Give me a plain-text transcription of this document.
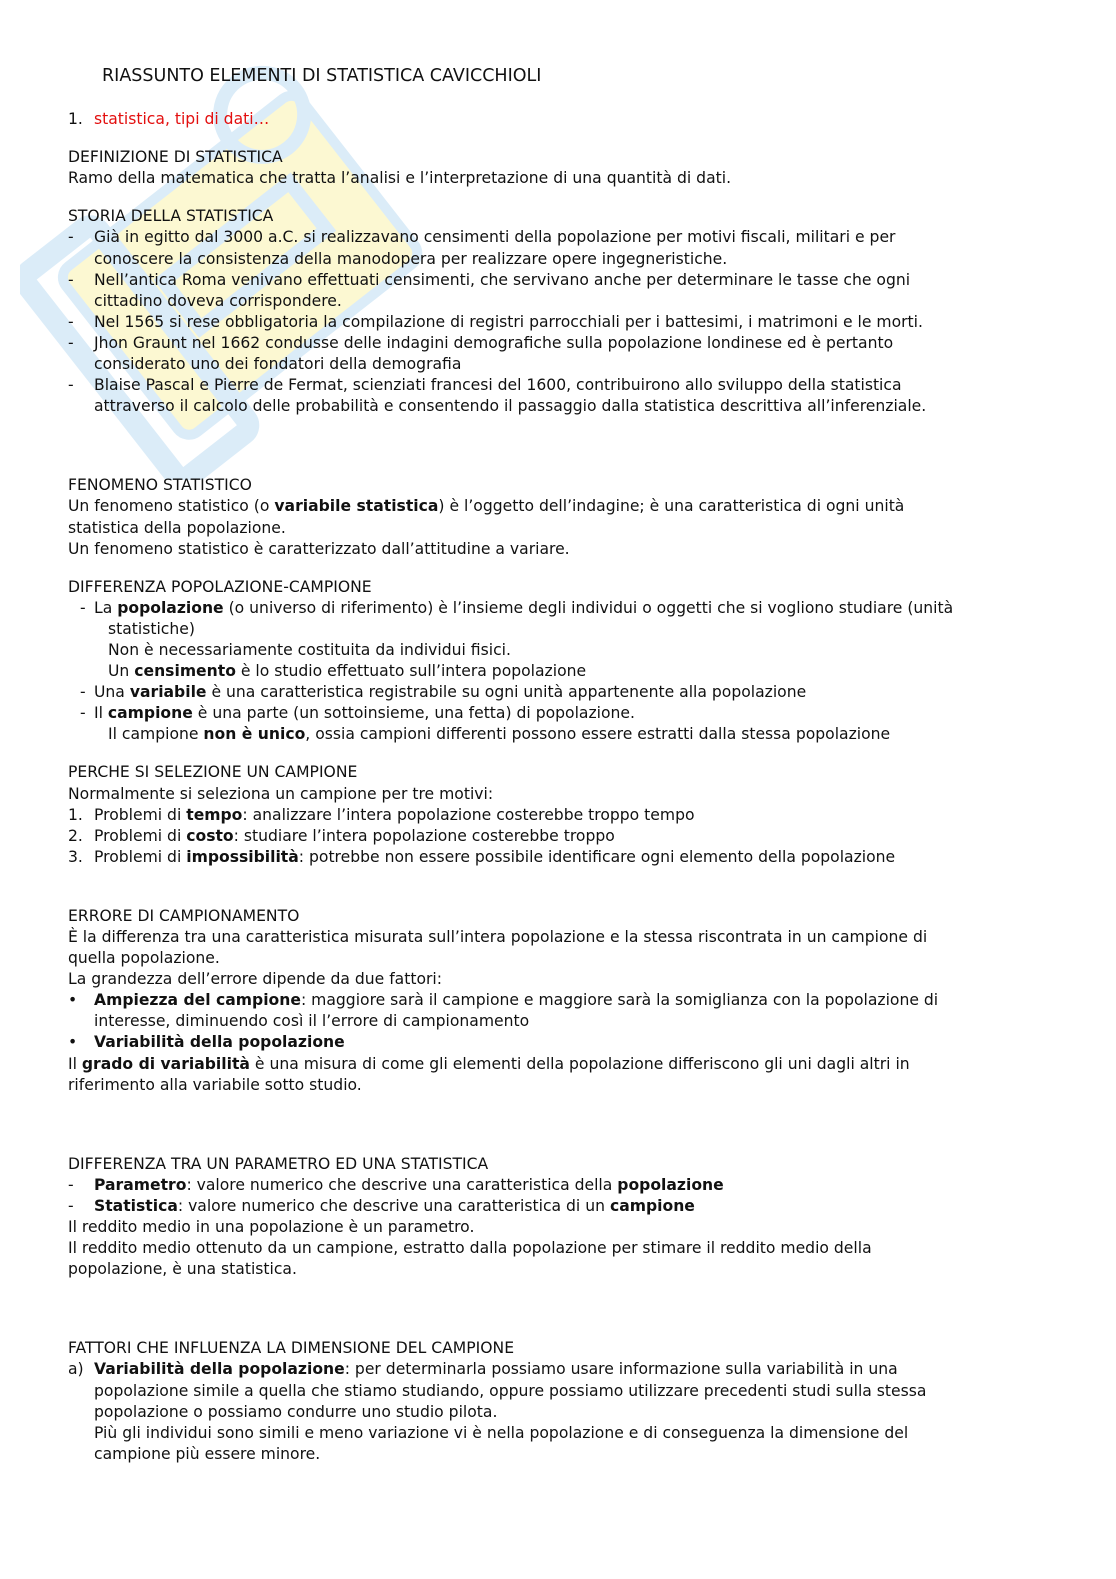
RIASSUNTO ELEMENTI DI STATISTICA CAVICCHIOLI
1. statistica, tipi di dati…

DEFINIZIONE DI STATISTICA

Ramo della matematica che tratta l’analisi e l’interpretazione di una quantità di dati.

STORIA DELLA STATISTICA

-	Già in egitto dal 3000 a.C. si realizzavano censimenti della popolazione per motivi fiscali, militari e per
conoscere la consistenza della manodopera per realizzare opere ingegneristiche.
-	Nell’antica Roma venivano effettuati censimenti, che servivano anche per determinare le tasse che ogni
cittadino doveva corrispondere.
-	Nel 1565 si rese obbligatoria la compilazione di registri parrocchiali per i battesimi, i matrimoni e le morti.
-	Jhon Graunt nel 1662 condusse delle indagini demografiche sulla popolazione londinese ed è pertanto
considerato uno dei fondatori della demografia
-	Blaise Pascal e Pierre de Fermat, scienziati francesi del 1600, contribuirono allo sviluppo della statistica
attraverso il calcolo delle probabilità e consentendo il passaggio dalla statistica descrittiva all’inferenziale.

FENOMENO STATISTICO

Un fenomeno statistico (o variabile statistica) è l’oggetto dell’indagine; è una caratteristica di ogni unità

statistica della popolazione.

Un fenomeno statistico è caratterizzato dall’attitudine a variare.

DIFFERENZA POPOLAZIONE-CAMPIONE

- La popolazione (o universo di riferimento) è l’insieme degli individui o oggetti che si vogliono studiare (unità
statistiche)
Non è necessariamente costituita da individui fisici.
Un censimento è lo studio effettuato sull’intera popolazione
- Una variabile è una caratteristica registrabile su ogni unità appartenente alla popolazione
- Il campione è una parte (un sottoinsieme, una fetta) di popolazione.
Il campione non è unico, ossia campioni differenti possono essere estratti dalla stessa popolazione

PERCHE SI SELEZIONE UN CAMPIONE

Normalmente si seleziona un campione per tre motivi:

1. Problemi di tempo: analizzare l’intera popolazione costerebbe troppo tempo
2. Problemi di costo: studiare l’intera popolazione costerebbe troppo
3. Problemi di impossibilità: potrebbe non essere possibile identificare ogni elemento della popolazione

ERRORE DI CAMPIONAMENTO

È la differenza tra una caratteristica misurata sull’intera popolazione e la stessa riscontrata in un campione di

quella popolazione.

La grandezza dell’errore dipende da due fattori:

•	Ampiezza del campione: maggiore sarà il campione e maggiore sarà la somiglianza con la popolazione di
interesse, diminuendo così il l’errore di campionamento
•	Variabilità della popolazione

Il grado di variabilità è una misura di come gli elementi della popolazione differiscono gli uni dagli altri in

riferimento alla variabile sotto studio.

DIFFERENZA TRA UN PARAMETRO ED UNA STATISTICA

-	Parametro: valore numerico che descrive una caratteristica della popolazione
-	Statistica: valore numerico che descrive una caratteristica di un campione

Il reddito medio in una popolazione è un parametro.

Il reddito medio ottenuto da un campione, estratto dalla popolazione per stimare il reddito medio della

popolazione, è una statistica.

FATTORI CHE INFLUENZA LA DIMENSIONE DEL CAMPIONE

a) Variabilità della popolazione: per determinarla possiamo usare informazione sulla variabilità in una
popolazione simile a quella che stiamo studiando, oppure possiamo utilizzare precedenti studi sulla stessa
popolazione o possiamo condurre uno studio pilota.
Più gli individui sono simili e meno variazione vi è nella popolazione e di conseguenza la dimensione del
campione più essere minore.
